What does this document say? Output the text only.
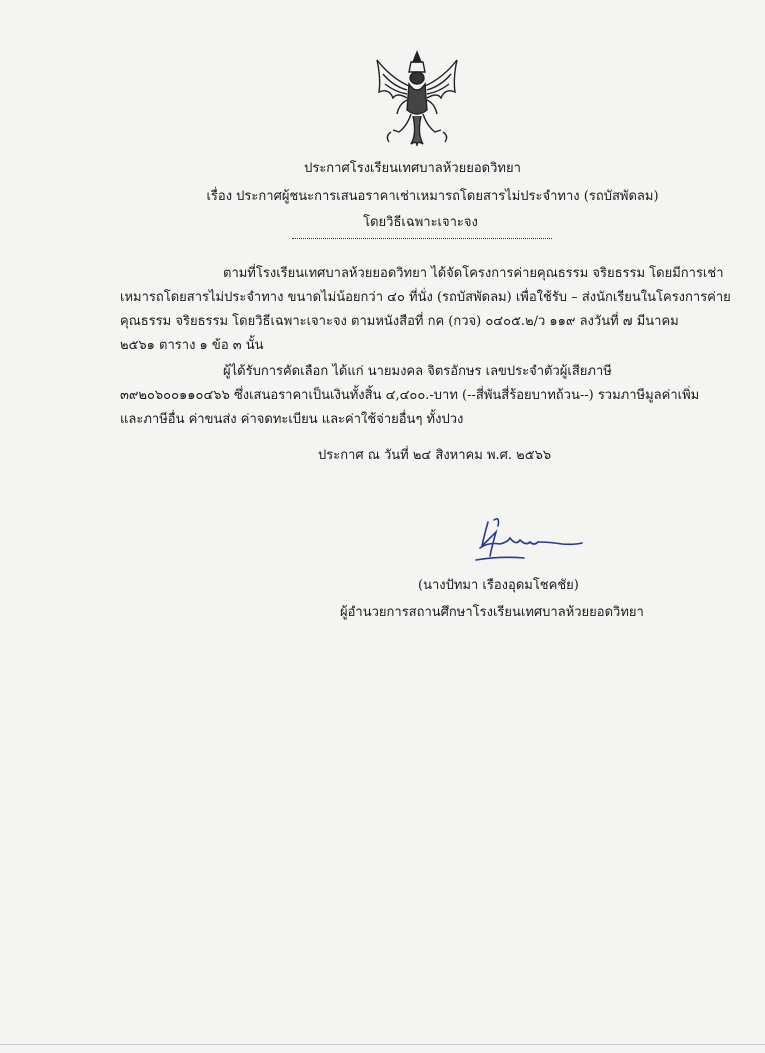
ประกาศโรงเรียนเทศบาลห้วยยอดวิทยา
เรื่อง ประกาศผู้ชนะการเสนอราคาเช่าเหมารถโดยสารไม่ประจำทาง (รถบัสพัดลม)
โดยวิธีเฉพาะเจาะจง

ตามที่โรงเรียนเทศบาลห้วยยอดวิทยา ได้จัดโครงการค่ายคุณธรรม จริยธรรม โดยมีการเช่า

เหมารถโดยสารไม่ประจำทาง ขนาดไม่น้อยกว่า ๔๐ ที่นั่ง (รถบัสพัดลม) เพื่อใช้รับ – ส่งนักเรียนในโครงการค่าย

คุณธรรม จริยธรรม โดยวิธีเฉพาะเจาะจง ตามหนังสือที่ กค (กวจ) ๐๔๐๕.๒/ว ๑๑๙ ลงวันที่ ๗ มีนาคม

๒๕๖๑ ตาราง ๑ ข้อ ๓ นั้น

ผู้ได้รับการคัดเลือก ได้แก่ นายมงคล จิตรอักษร เลขประจำตัวผู้เสียภาษี

๓๙๒๐๖๐๐๑๑๐๔๖๖ ซึ่งเสนอราคาเป็นเงินทั้งสิ้น ๔,๔๐๐.-บาท (--สี่พันสี่ร้อยบาทถ้วน--) รวมภาษีมูลค่าเพิ่ม

และภาษีอื่น ค่าขนส่ง ค่าจดทะเบียน และค่าใช้จ่ายอื่นๆ ทั้งปวง

ประกาศ ณ วันที่ ๒๔ สิงหาคม พ.ศ. ๒๕๖๖
(นางปัทมา เรืองอุดมโชคชัย)
ผู้อำนวยการสถานศึกษาโรงเรียนเทศบาลห้วยยอดวิทยา
